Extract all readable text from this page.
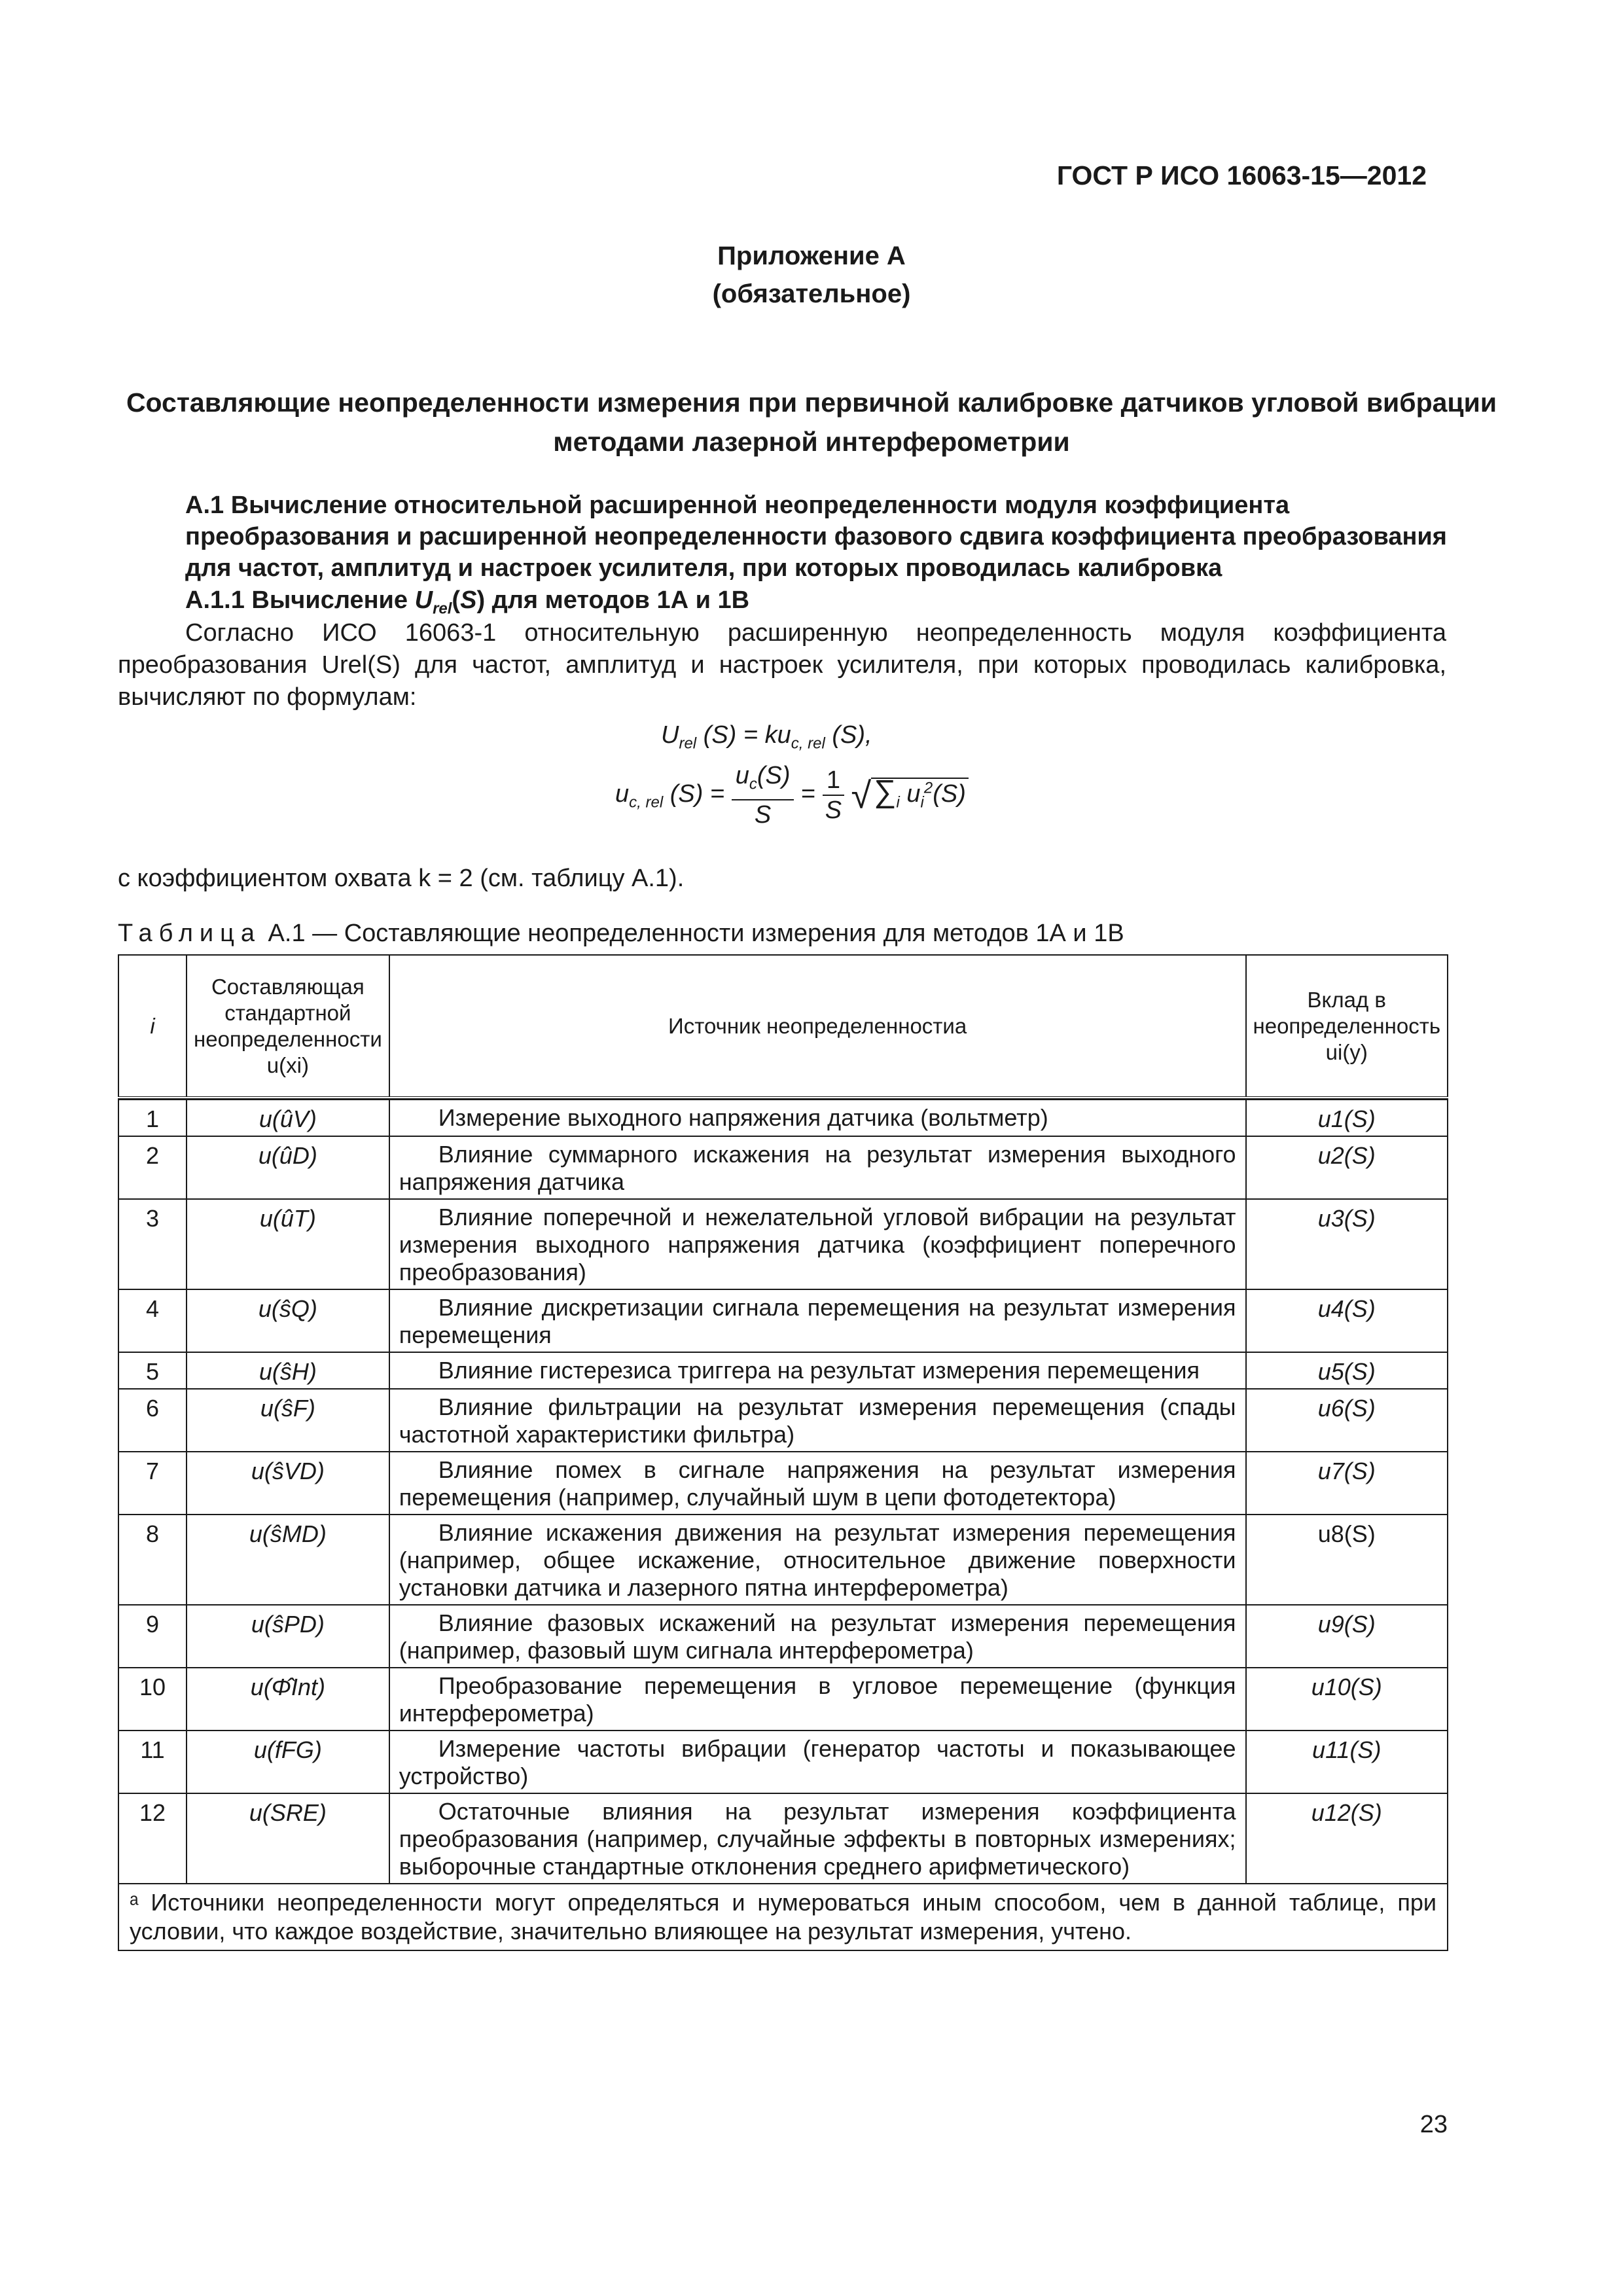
ГОСТ Р ИСО 16063-15—2012
Приложение А
(обязательное)
Составляющие неопределенности измерения при первичной калибровке датчиков угловой вибрации методами лазерной интерферометрии
А.1 Вычисление относительной расширенной неопределенности модуля коэффициента преобразования и расширенной неопределенности фазового сдвига коэффициента преобразования для частот, амплитуд и настроек усилителя, при которых проводилась калибровка
А.1.1 Вычисление $U_{rel}(S)$ для методов 1А и 1В
Согласно ИСО 16063-1 относительную расширенную неопределенность модуля коэффициента преобразования Urel(S) для частот, амплитуд и настроек усилителя, при которых проводилась калибровка, вычисляют по формулам:
$U_{rel}$ $(S) = ku_{c, rel}$ (S),
$u_{c, rel}$ $(S) = \frac{u_c(S)}{S} = \frac{1}{S} √\sum_i$ $u_i^2(S)$
с коэффициентом охвата k = 2 (см. таблицу А.1).
Таблица А.1 — Составляющие неопределенности измерения для методов 1А и 1В
i	Составляющая стандартной неопределенности u(xi)	Источник неопределенностиa	Вклад в неопределенность ui(y)

1	u(ûV)	Измерение выходного напряжения датчика (вольтметр)	u1(S)
2	u(ûD)	Влияние суммарного искажения на результат измерения выходного напряжения датчика	u2(S)
3	u(ûT)	Влияние поперечной и нежелательной угловой вибрации на результат измерения выходного напряжения датчика (коэффициент поперечного преобразования)	u3(S)
4	u(ŝQ)	Влияние дискретизации сигнала перемещения на результат измерения перемещения	u4(S)
5	u(ŝH)	Влияние гистерезиса триггера на результат измерения перемещения	u5(S)
6	u(ŝF)	Влияние фильтрации на результат измерения перемещения (спады частотной характеристики фильтра)	u6(S)
7	u(ŝVD)	Влияние помех в сигнале напряжения на результат измерения перемещения (например, случайный шум в цепи фотодетектора)	u7(S)
8	u(ŝMD)	Влияние искажения движения на результат измерения перемещения (например, общее искажение, относительное движение поверхности установки датчика и лазерного пятна интерферометра)	u8(S)
9	u(ŝPD)	Влияние фазовых искажений на результат измерения перемещения (например, фазовый шум сигнала интерферометра)	u9(S)
10	u(Φ̂Int)	Преобразование перемещения в угловое перемещение (функция интерферометра)	u10(S)
11	u(fFG)	Измерение частоты вибрации (генератор частоты и показывающее устройство)	u11(S)
12	u(SRE)	Остаточные влияния на результат измерения коэффициента преобразования (например, случайные эффекты в повторных измерениях; выборочные стандартные отклонения среднего арифметического)	u12(S)
ᵃ Источники неопределенности могут определяться и нумероваться иным способом, чем в данной таблице, при условии, что каждое воздействие, значительно влияющее на результат измерения, учтено.			
23
